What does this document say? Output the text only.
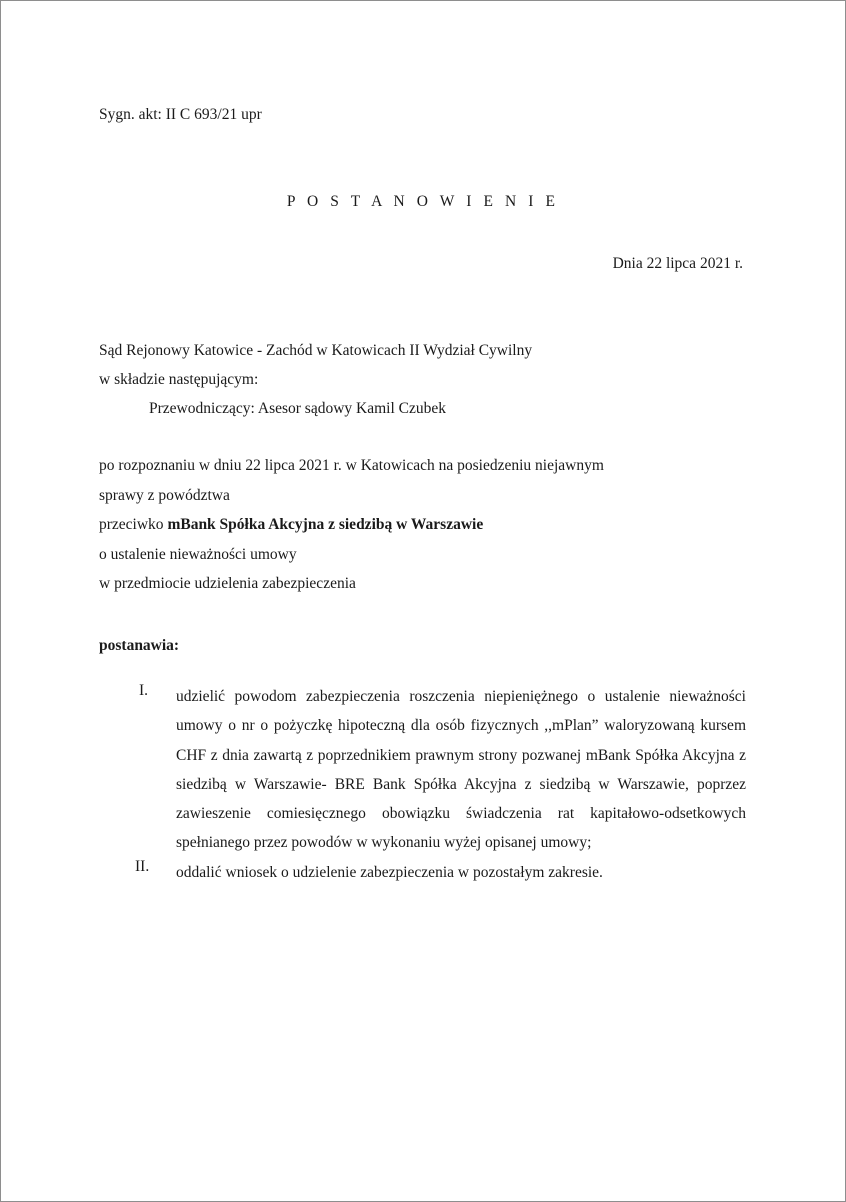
Sygn. akt: II C 693/21 upr
P O S T A N O W I E N I E
Dnia 22 lipca 2021 r.
Sąd Rejonowy Katowice - Zachód w Katowicach II Wydział Cywilny
w składzie następującym:
Przewodniczący: Asesor sądowy Kamil Czubek
po rozpoznaniu w dniu 22 lipca 2021 r. w Katowicach na posiedzeniu niejawnym
sprawy z powództwa
przeciwko mBank Spółka Akcyjna z siedzibą w Warszawie
o ustalenie nieważności umowy
w przedmiocie udzielenia zabezpieczenia
postanawia:
I.	udzielić powodom zabezpieczenia roszczenia niepieniężnego o ustalenie nieważności umowy o nr o pożyczkę hipoteczną dla osób fizycznych ,,mPlan” waloryzowaną kursem CHF z dnia zawartą z poprzednikiem prawnym strony pozwanej mBank Spółka Akcyjna z siedzibą w Warszawie- BRE Bank Spółka Akcyjna z siedzibą w Warszawie, poprzez zawieszenie comiesięcznego obowiązku świadczenia rat kapitałowo-odsetkowych spełnianego przez powodów w wykonaniu wyżej opisanej umowy;
II.	oddalić wniosek o udzielenie zabezpieczenia w pozostałym zakresie.
